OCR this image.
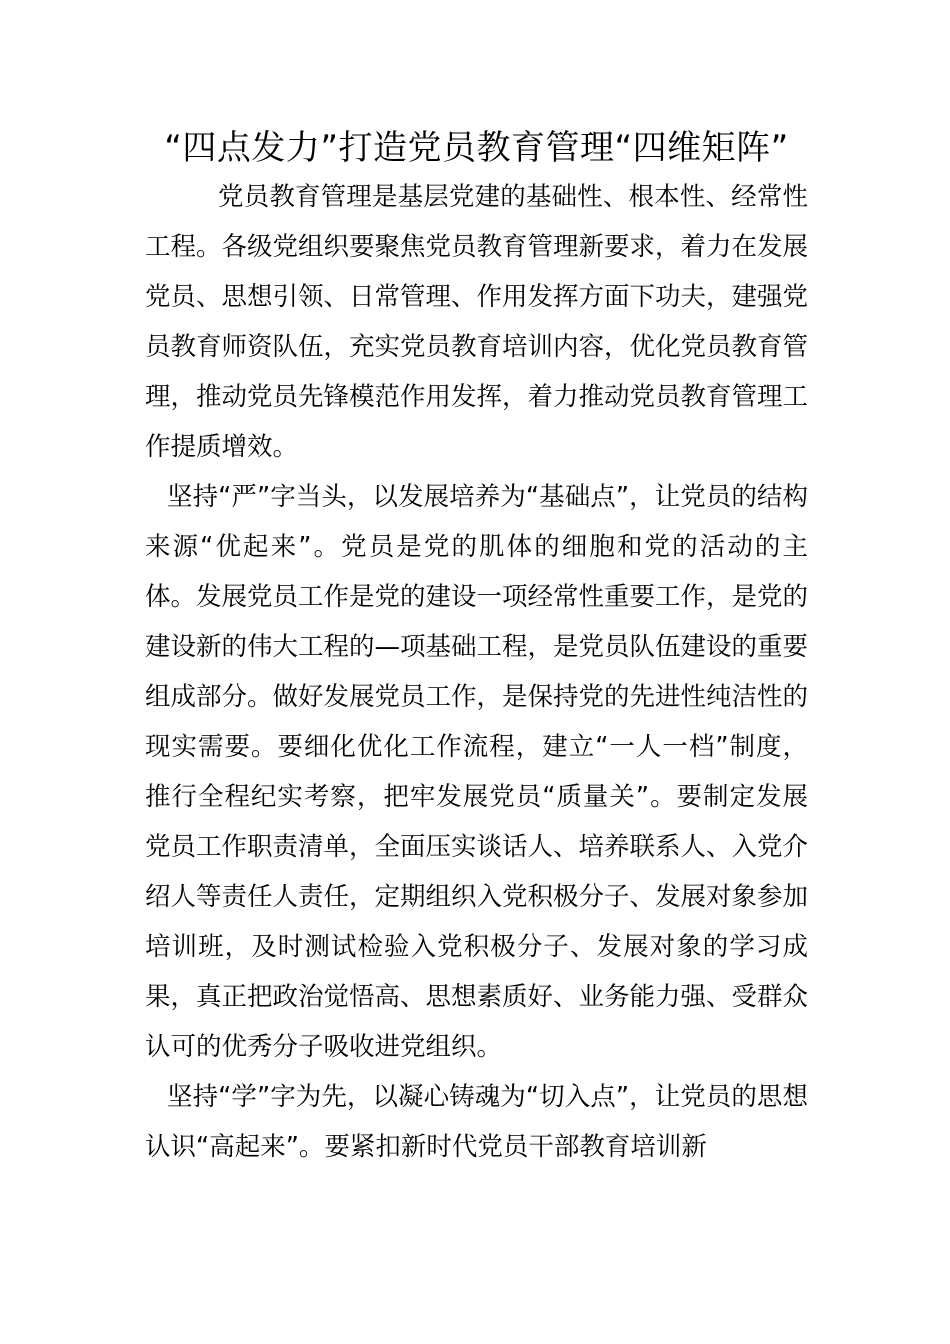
“四点发力”打造党员教育管理“四维矩阵”

党员教育管理是基层党建的基础性、根本性、经常性工程。各级党组织要聚焦党员教育管理新要求，着力在发展党员、思想引领、日常管理、作用发挥方面下功夫，建强党员教育师资队伍，充实党员教育培训内容，优化党员教育管理，推动党员先锋模范作用发挥，着力推动党员教育管理工作提质增效。

坚持“严”字当头，以发展培养为“基础点”，让党员的结构来源“优起来”。党员是党的肌体的细胞和党的活动的主体。发展党员工作是党的建设一项经常性重要工作，是党的建设新的伟大工程的—项基础工程，是党员队伍建设的重要组成部分。做好发展党员工作，是保持党的先进性纯洁性的现实需要。要细化优化工作流程，建立“一人一档”制度，推行全程纪实考察，把牢发展党员“质量关”。要制定发展党员工作职责清单，全面压实谈话人、培养联系人、入党介绍人等责任人责任，定期组织入党积极分子、发展对象参加培训班，及时测试检验入党积极分子、发展对象的学习成果，真正把政治觉悟高、思想素质好、业务能力强、受群众认可的优秀分子吸收进党组织。

坚持“学”字为先，以凝心铸魂为“切入点”，让党员的思想认识“高起来”。要紧扣新时代党员干部教育培训新
